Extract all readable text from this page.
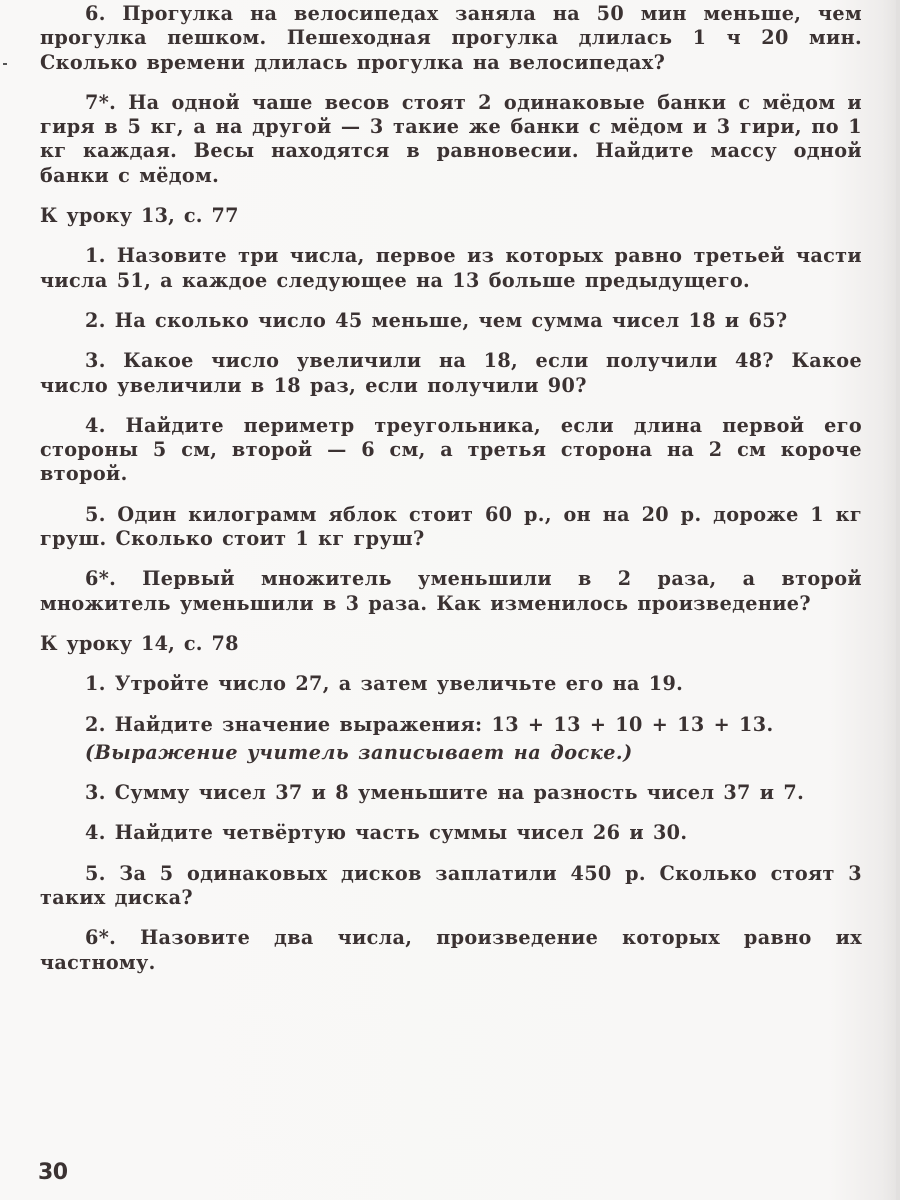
6. Прогулка на велосипедах заняла на 50 мин меньше, чем прогулка пешком. Пешеходная прогулка длилась 1 ч 20 мин. Сколько времени длилась прогулка на велосипедах?

7*. На одной чаше весов стоят 2 одинаковые банки с мёдом и гиря в 5 кг, а на другой — 3 такие же банки с мёдом и 3 гири, по 1 кг каждая. Весы находятся в равновесии. Найдите массу одной банки с мёдом.

К уроку 13, с. 77

1. Назовите три числа, первое из которых равно третьей части числа 51, а каждое следующее на 13 больше предыдущего.

2. На сколько число 45 меньше, чем сумма чисел 18 и 65?

3. Какое число увеличили на 18, если получили 48? Какое число увеличили в 18 раз, если получили 90?

4. Найдите периметр треугольника, если длина первой его стороны 5 см, второй — 6 см, а третья сторона на 2 см короче второй.

5. Один килограмм яблок стоит 60 р., он на 20 р. дороже 1 кг груш. Сколько стоит 1 кг груш?

6*. Первый множитель уменьшили в 2 раза, а второй множитель уменьшили в 3 раза. Как изменилось произведение?

К уроку 14, с. 78

1. Утройте число 27, а затем увеличьте его на 19.

2. Найдите значение выражения: 13 + 13 + 10 + 13 + 13.

(Выражение учитель записывает на доске.)

3. Сумму чисел 37 и 8 уменьшите на разность чисел 37 и 7.

4. Найдите четвёртую часть суммы чисел 26 и 30.

5. За 5 одинаковых дисков заплатили 450 р. Сколько стоят 3 таких диска?

6*. Назовите два числа, произведение которых равно их частному.

30
